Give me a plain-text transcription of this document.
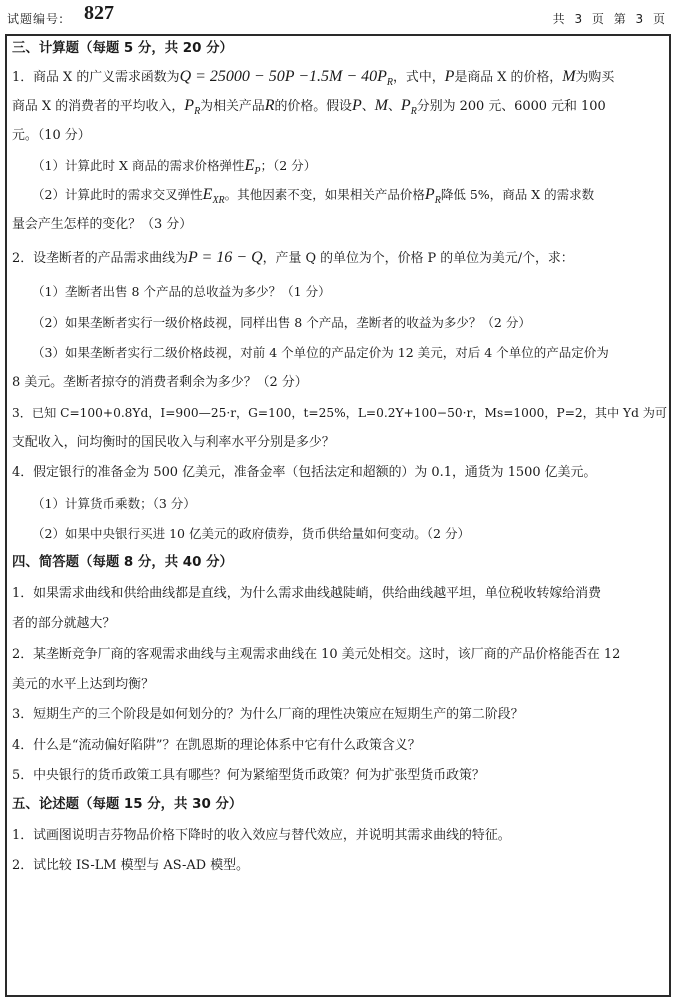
试题编号: 827	共 3 页 第 3 页
三、计算题（每题 5 分，共 20 分）
1．商品 X 的广义需求函数为$Q = 25000 - 50P -1.5M - 40P_R$，式中，P是商品 X 的价格，M为购买
商品 X 的消费者的平均收入，$P_R$为相关产品R的价格。假设P、M、$P_R$分别为 200 元、6000 元和 100
元。（10 分）
（1）计算此时 X 商品的需求价格弹性$E_P$；（2 分）
（2）计算此时的需求交叉弹性$E_{XR}$。其他因素不变，如果相关产品价格$P_R$降低 5%，商品 X 的需求数
量会产生怎样的变化？（3 分）
2．设垄断者的产品需求曲线为P = 16 − Q，产量 Q 的单位为个，价格 P 的单位为美元/个，求：
（1）垄断者出售 8 个产品的总收益为多少？（1 分）
（2）如果垄断者实行一级价格歧视，同样出售 8 个产品，垄断者的收益为多少？（2 分）
（3）如果垄断者实行二级价格歧视，对前 4 个单位的产品定价为 12 美元，对后 4 个单位的产品定价为
8 美元。垄断者掠夺的消费者剩余为多少？（2 分）
3．已知 C=100+0.8Yd，I=900—25·r，G=100，t=25%，L=0.2Y+100−50·r，Ms=1000，P=2，其中 Yd 为可
支配收入，问均衡时的国民收入与利率水平分别是多少？
4．假定银行的准备金为 500 亿美元，准备金率（包括法定和超额的）为 0.1，通货为 1500 亿美元。
（1）计算货币乘数；（3 分）
（2）如果中央银行买进 10 亿美元的政府债券，货币供给量如何变动。（2 分）
四、简答题（每题 8 分，共 40 分）
1．如果需求曲线和供给曲线都是直线，为什么需求曲线越陡峭，供给曲线越平坦，单位税收转嫁给消费
者的部分就越大？
2．某垄断竞争厂商的客观需求曲线与主观需求曲线在 10 美元处相交。这时，该厂商的产品价格能否在 12
美元的水平上达到均衡？
3．短期生产的三个阶段是如何划分的？为什么厂商的理性决策应在短期生产的第二阶段？
4．什么是“流动偏好陷阱”？在凯恩斯的理论体系中它有什么政策含义？
5．中央银行的货币政策工具有哪些？何为紧缩型货币政策？何为扩张型货币政策？
五、论述题（每题 15 分，共 30 分）
1．试画图说明吉芬物品价格下降时的收入效应与替代效应，并说明其需求曲线的特征。
2．试比较 IS-LM 模型与 AS-AD 模型。
